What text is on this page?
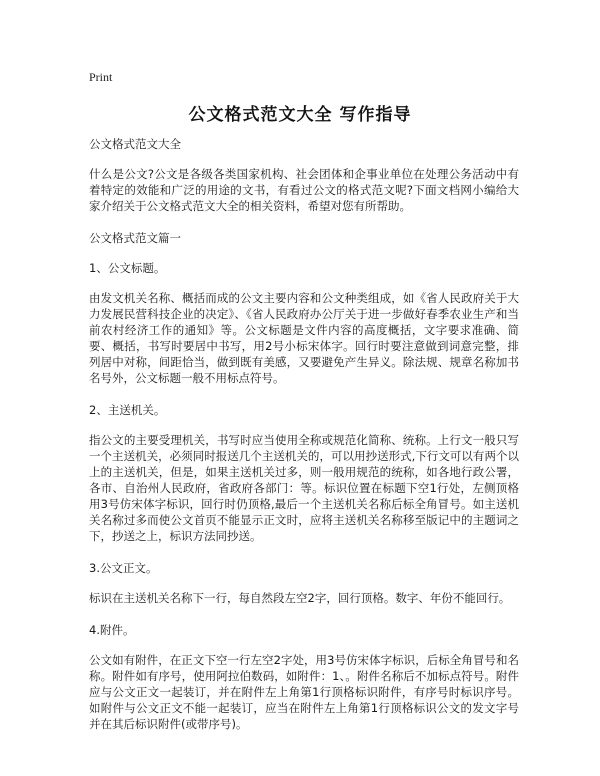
Print
公文格式范文大全 写作指导

公文格式范文大全

什么是公文?公文是各级各类国家机构、社会团体和企事业单位在处理公务活动中有着特定的效能和广泛的用途的文书，有看过公文的格式范文呢?下面文档网小编给大家介绍关于公文格式范文大全的相关资料，希望对您有所帮助。

公文格式范文篇一

1、公文标题。

由发文机关名称、概括而成的公文主要内容和公文种类组成，如《省人民政府关于大力发展民营科技企业的决定》、《省人民政府办公厅关于进一步做好春季农业生产和当前农村经济工作的通知》等。公文标题是文件内容的高度概括，文字要求准确、简要、概括，书写时要居中书写，用2号小标宋体字。回行时要注意做到词意完整，排列居中对称，间距恰当，做到既有美感，又要避免产生异义。除法规、规章名称加书名号外，公文标题一般不用标点符号。

2、主送机关。

指公文的主要受理机关，书写时应当使用全称或规范化简称、统称。上行文一般只写一个主送机关，必须同时报送几个主送机关的，可以用抄送形式,下行文可以有两个以上的主送机关，但是，如果主送机关过多，则一般用规范的统称，如各地行政公署，各市、自治州人民政府，省政府各部门：等。标识位置在标题下空1行处，左侧顶格用3号仿宋体字标识，回行时仍顶格,最后一个主送机关名称后标全角冒号。如主送机关名称过多而使公文首页不能显示正文时，应将主送机关名称移至版记中的主题词之下，抄送之上，标识方法同抄送。

3.公文正文。

标识在主送机关名称下一行，每自然段左空2字，回行顶格。数字、年份不能回行。

4.附件。

公文如有附件，在正文下空一行左空2字处，用3号仿宋体字标识，后标全角冒号和名称。附件如有序号，使用阿拉伯数码，如附件：1、。附件名称后不加标点符号。附件应与公文正文一起装订，并在附件左上角第1行顶格标识附件，有序号时标识序号。如附件与公文正文不能一起装订，应当在附件左上角第1行顶格标识公文的发文字号并在其后标识附件(或带序号)。
